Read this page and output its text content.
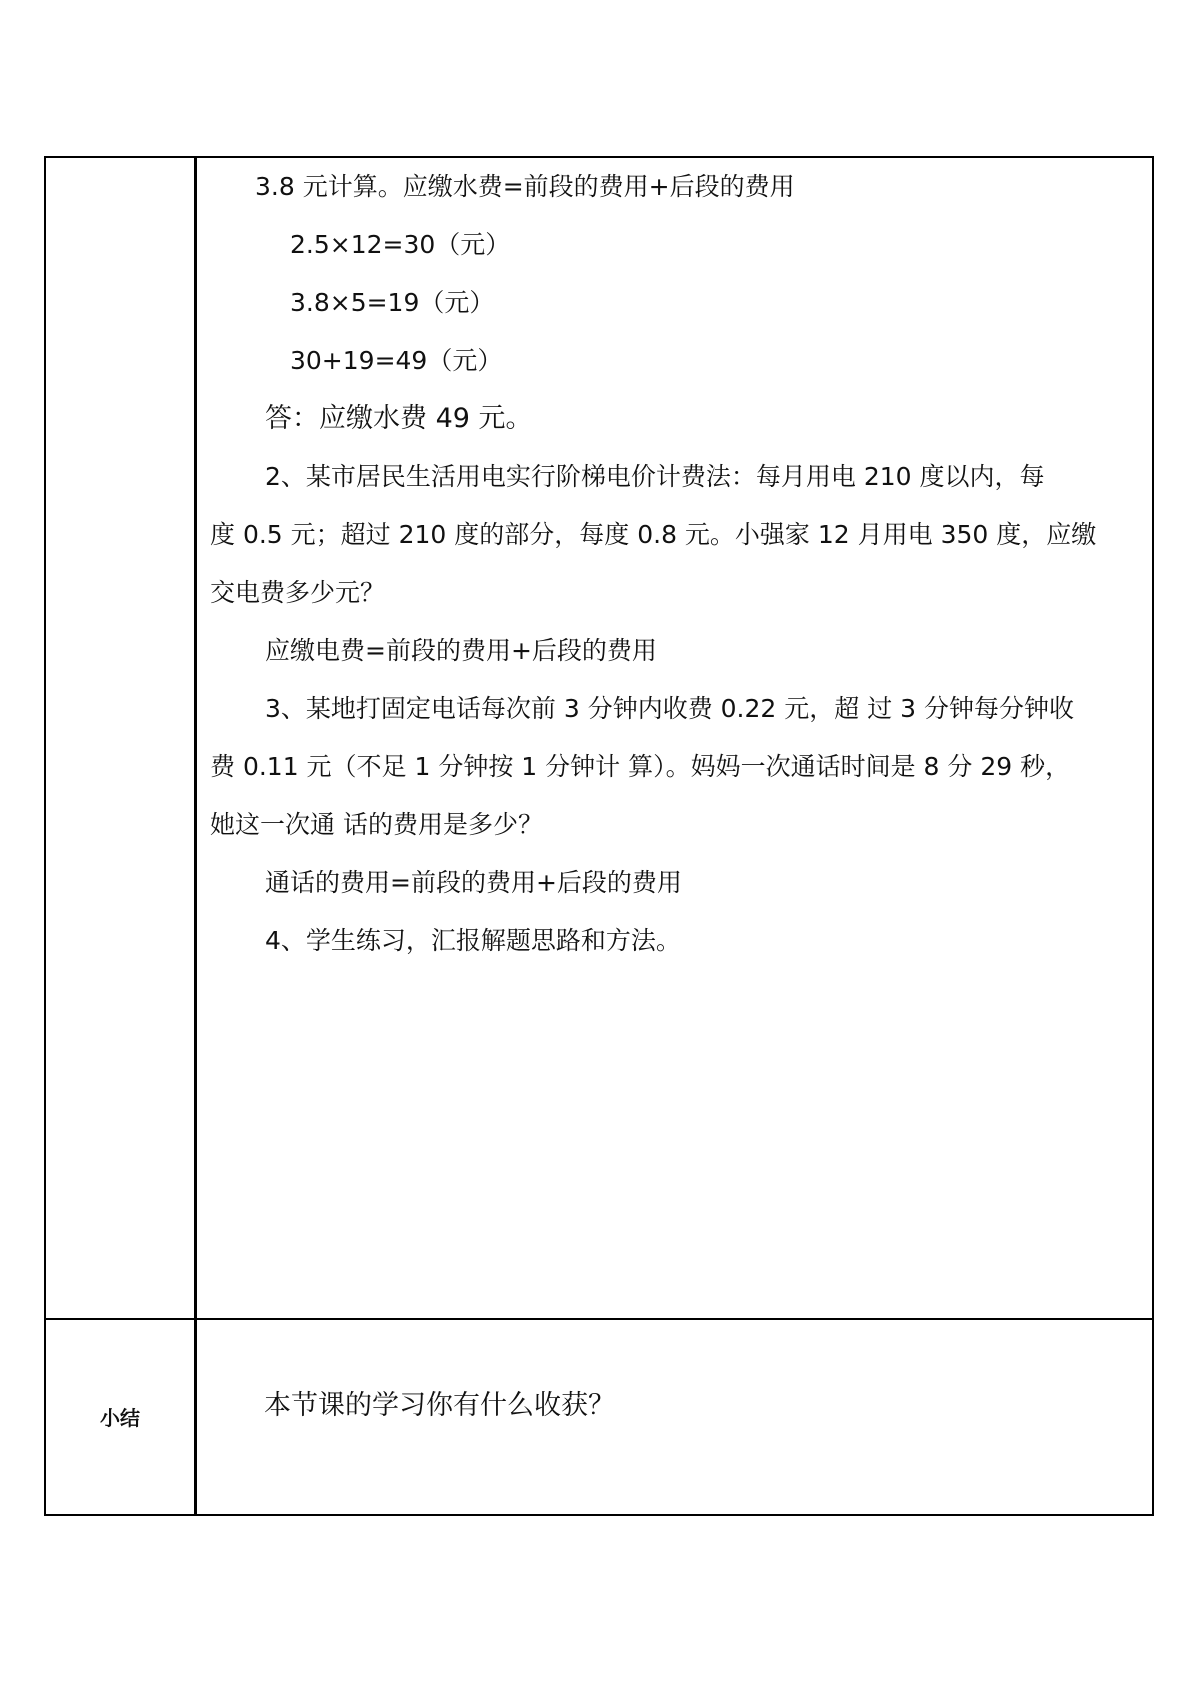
3.8 元计算。应缴水费=前段的费用+后段的费用
2.5×12=30（元）
3.8×5=19（元）
30+19=49（元）
答：应缴水费 49 元。
2、某市居民生活用电实行阶梯电价计费法：每月用电 210 度以内，每
度 0.5 元；超过 210 度的部分，每度 0.8 元。小强家 12 月用电 350 度，应缴
交电费多少元？
应缴电费=前段的费用+后段的费用
3、某地打固定电话每次前 3 分钟内收费 0.22 元，超 过 3 分钟每分钟收
费 0.11 元（不足 1 分钟按 1 分钟计 算）。妈妈一次通话时间是 8 分 29 秒，
她这一次通 话的费用是多少？
通话的费用=前段的费用+后段的费用
4、学生练习，汇报解题思路和方法。
小结	本节课的学习你有什么收获？
